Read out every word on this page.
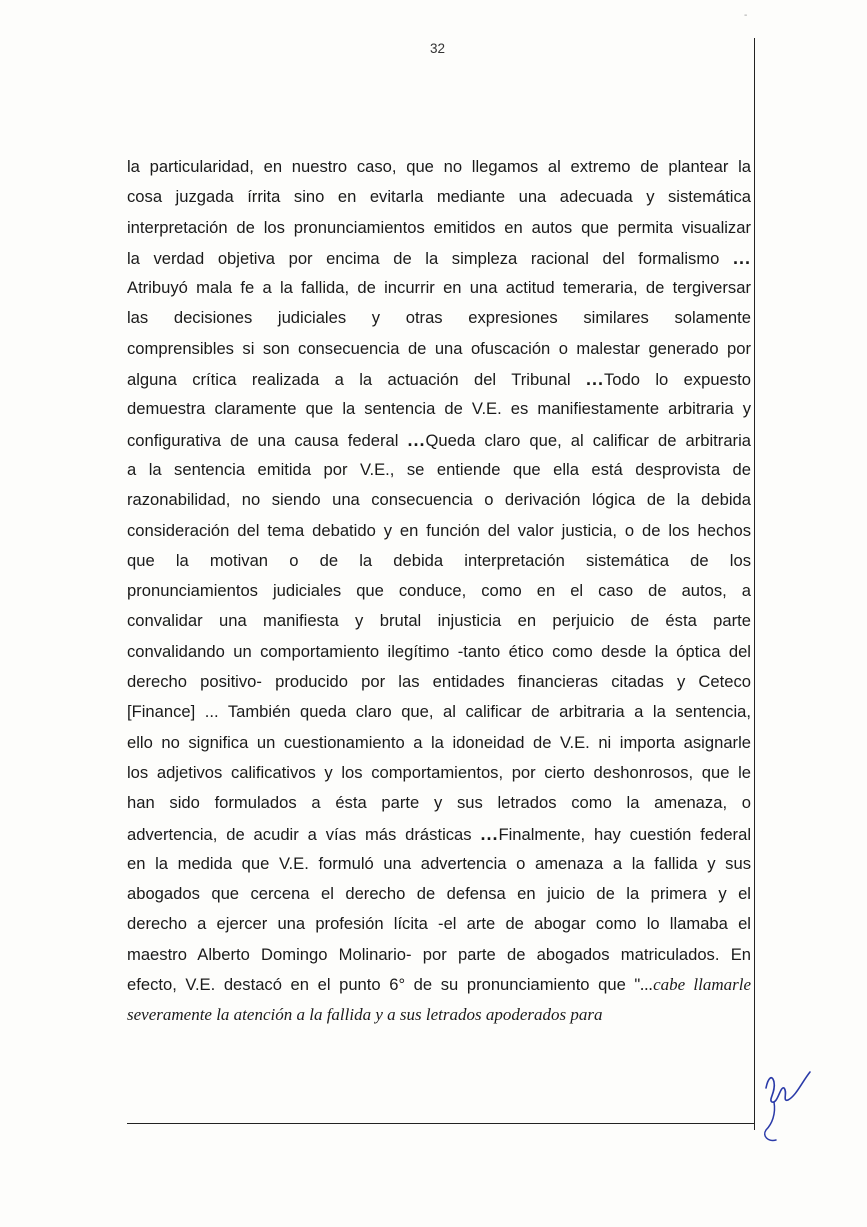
-
32
la particularidad, en nuestro caso, que no llegamos al extremo de plantear la
cosa juzgada írrita sino en evitarla mediante una adecuada y sistemática
interpretación de los pronunciamientos emitidos en autos que permita visualizar
la verdad objetiva por encima de la simpleza racional del formalismo ...
Atribuyó mala fe a la fallida, de incurrir en una actitud temeraria, de tergiversar
las decisiones judiciales y otras expresiones similares solamente
comprensibles si son consecuencia de una ofuscación o malestar generado por
alguna crítica realizada a la actuación del Tribunal ...Todo lo expuesto
demuestra claramente que la sentencia de V.E. es manifiestamente arbitraria y
configurativa de una causa federal ...Queda claro que, al calificar de arbitraria
a la sentencia emitida por V.E., se entiende que ella está desprovista de
razonabilidad, no siendo una consecuencia o derivación lógica de la debida
consideración del tema debatido y en función del valor justicia, o de los hechos
que la motivan o de la debida interpretación sistemática de los
pronunciamientos judiciales que conduce, como en el caso de autos, a
convalidar una manifiesta y brutal injusticia en perjuicio de ésta parte
convalidando un comportamiento ilegítimo -tanto ético como desde la óptica del
derecho positivo- producido por las entidades financieras citadas y Ceteco
[Finance] ... También queda claro que, al calificar de arbitraria a la sentencia,
ello no significa un cuestionamiento a la idoneidad de V.E. ni importa asignarle
los adjetivos calificativos y los comportamientos, por cierto deshonrosos, que le
han sido formulados a ésta parte y sus letrados como la amenaza, o
advertencia, de acudir a vías más drásticas ...Finalmente, hay cuestión federal
en la medida que V.E. formuló una advertencia o amenaza a la fallida y sus
abogados que cercena el derecho de defensa en juicio de la primera y el
derecho a ejercer una profesión lícita -el arte de abogar como lo llamaba el
maestro Alberto Domingo Molinario- por parte de abogados matriculados. En
efecto, V.E. destacó en el punto 6° de su pronunciamiento que "...cabe llamarle
severamente la atención a la fallida y a sus letrados apoderados para
